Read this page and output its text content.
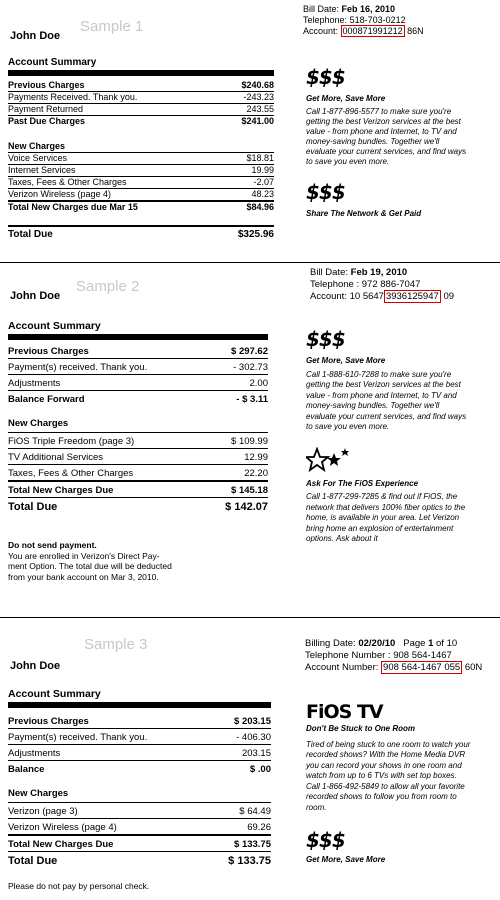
Sample 1
John Doe
Account Summary
Previous Charges	$240.68
Payments Received. Thank you.	-243.23
Payment Returned	243.55
Past Due Charges	$241.00
New Charges
Voice Services	$18.81
Internet Services	19.99
Taxes, Fees & Other Charges	-2.07
Verizon Wireless (page 4)	48.23
Total New Charges due Mar 15	$84.96
Total Due	$325.96
Bill Date: Feb 16, 2010
Telephone: 518-703-0212
Account: 000871991212 86N
$$$
Get More, Save More
Call 1-877-896-5577 to make sure you're getting the best Verizon services at the best value - from phone and Internet, to TV and money-saving bundles. Together we'll evaluate your current services, and find ways to save you even more.
$$$
Share The Network & Get Paid
Sample 2
John Doe
Account Summary
Previous Charges	$ 297.62
Payment(s) received. Thank you.	- 302.73
Adjustments	2.00
Balance Forward	- $ 3.11
New Charges
FiOS Triple Freedom (page 3)	$ 109.99
TV Additional Services	12.99
Taxes, Fees & Other Charges	22.20
Total New Charges Due	$ 145.18
Total Due	$ 142.07
Do not send payment.
You are enrolled in Verizon's Direct Pay-
ment Option. The total due will be deducted
from your bank account on Mar 3, 2010.
Bill Date: Feb 19, 2010
Telephone : 972 886-7047
Account: 10 5647 3936125947 09
$$$
Get More, Save More
Call 1-888-610-7288 to make sure you're getting the best Verizon services at the best value - from phone and Internet, to TV and money-saving bundles. Together we'll evaluate your current services, and find ways to save you even more.
Ask For The FiOS Experience
Call 1-877-299-7285 & find out if FiOS, the network that delivers 100% fiber optics to the home, is available in your area. Let Verizon bring home an explosion of entertainment options. Ask about it
Sample 3
John Doe
Account Summary
Previous Charges	$ 203.15
Payment(s) received. Thank you.	- 406.30
Adjustments	203.15
Balance	$ .00
New Charges
Verizon (page 3)	$ 64.49
Verizon Wireless (page 4)	69.26
Total New Charges Due	$ 133.75
Total Due	$ 133.75
Please do not pay by personal check.
Billing Date: 02/20/10 Page 1 of 10
Telephone Number : 908 564-1467
Account Number: 908 564-1467 055 60N
FiOS TV
Don't Be Stuck to One Room
Tired of being stuck to one room to watch your recorded shows? With the Home Media DVR you can record your shows in one room and watch from up to 6 TVs with set top boxes. Call 1-866-492-5849 to allow all your favorite recorded shows to follow you from room to room.
$$$
Get More, Save More
